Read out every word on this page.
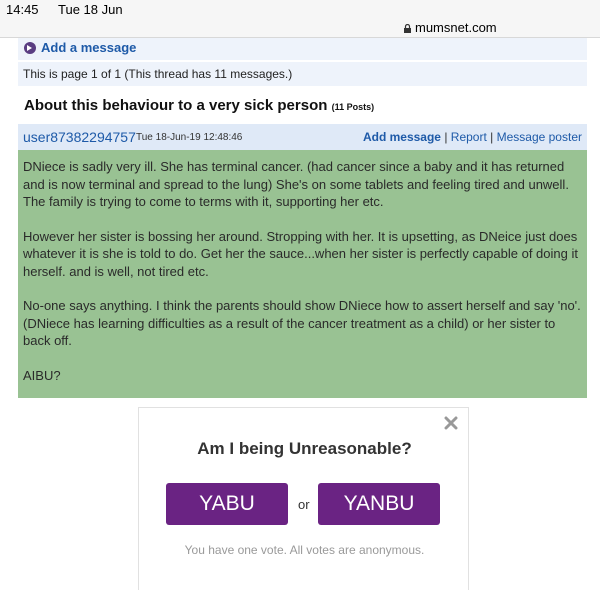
14:45 Tue 18 Jun
mumsnet.com
Add a message
This is page 1 of 1 (This thread has 11 messages.)
About this behaviour to a very sick person (11 Posts)
user87382294757 Tue 18-Jun-19 12:48:46	Add message | Report | Message poster

DNiece is sadly very ill. She has terminal cancer. (had cancer since a baby and it has returned and is now terminal and spread to the lung) She's on some tablets and feeling tired and unwell. The family is trying to come to terms with it, supporting her etc.

However her sister is bossing her around. Stropping with her. It is upsetting, as DNeice just does whatever it is she is told to do. Get her the sauce...when her sister is perfectly capable of doing it herself. and is well, not tired etc.

No-one says anything. I think the parents should show DNiece how to assert herself and say 'no'. (DNiece has learning difficulties as a result of the cancer treatment as a child) or her sister to back off.

AIBU?

Am I being Unreasonable?
YABU	or	YANBU
You have one vote. All votes are anonymous.
